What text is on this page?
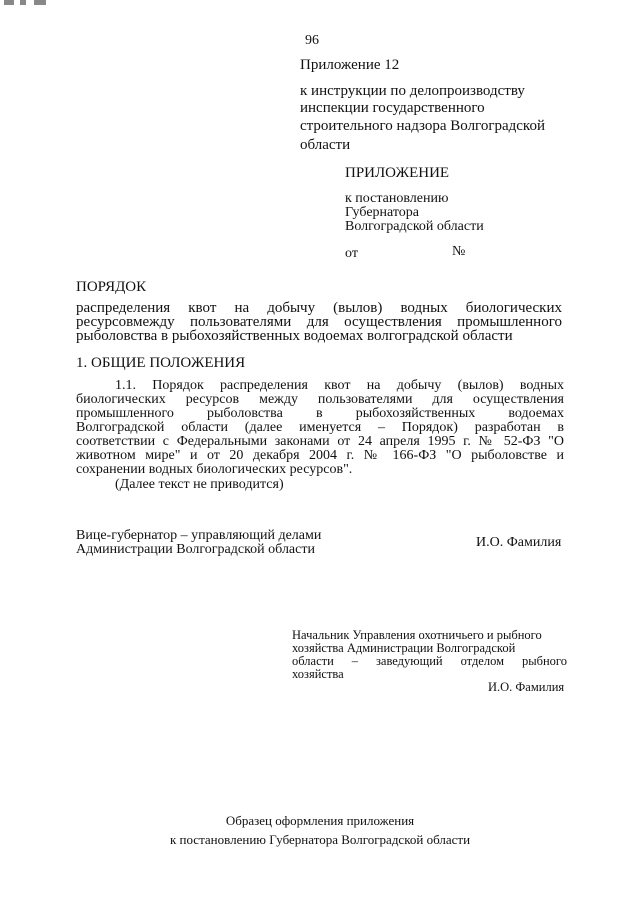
96
Приложение 12
к инструкции по делопроизводству
инспекции государственного
строительного надзора Волгоградской
области
ПРИЛОЖЕНИЕ
к постановлению
Губернатора
Волгоградской области
от	№
ПОРЯДОК
распределения квот на добычу (вылов) водных биологических
ресурсовмежду пользователями для осуществления промышленного
рыболовства в рыбохозяйственных водоемах волгоградской области
1. ОБЩИЕ ПОЛОЖЕНИЯ
1.1. Порядок распределения квот на добычу (вылов) водных
биологических ресурсов между пользователями для осуществления
промышленного рыболовства в рыбохозяйственных водоемах
Волгоградской области (далее именуется – Порядок) разработан в
соответствии с Федеральными законами от 24 апреля 1995 г. № 52-ФЗ "О
животном мире" и от 20 декабря 2004 г. № 166-ФЗ "О рыболовстве и
сохранении водных биологических ресурсов".
(Далее текст не приводится)
Вице-губернатор – управляющий делами
Администрации Волгоградской области	И.О. Фамилия
Начальник Управления охотничьего и рыбного
хозяйства Администрации Волгоградской
области – заведующий отделом рыбного
хозяйства
И.О. Фамилия
Образец оформления приложения
к постановлению Губернатора Волгоградской области
